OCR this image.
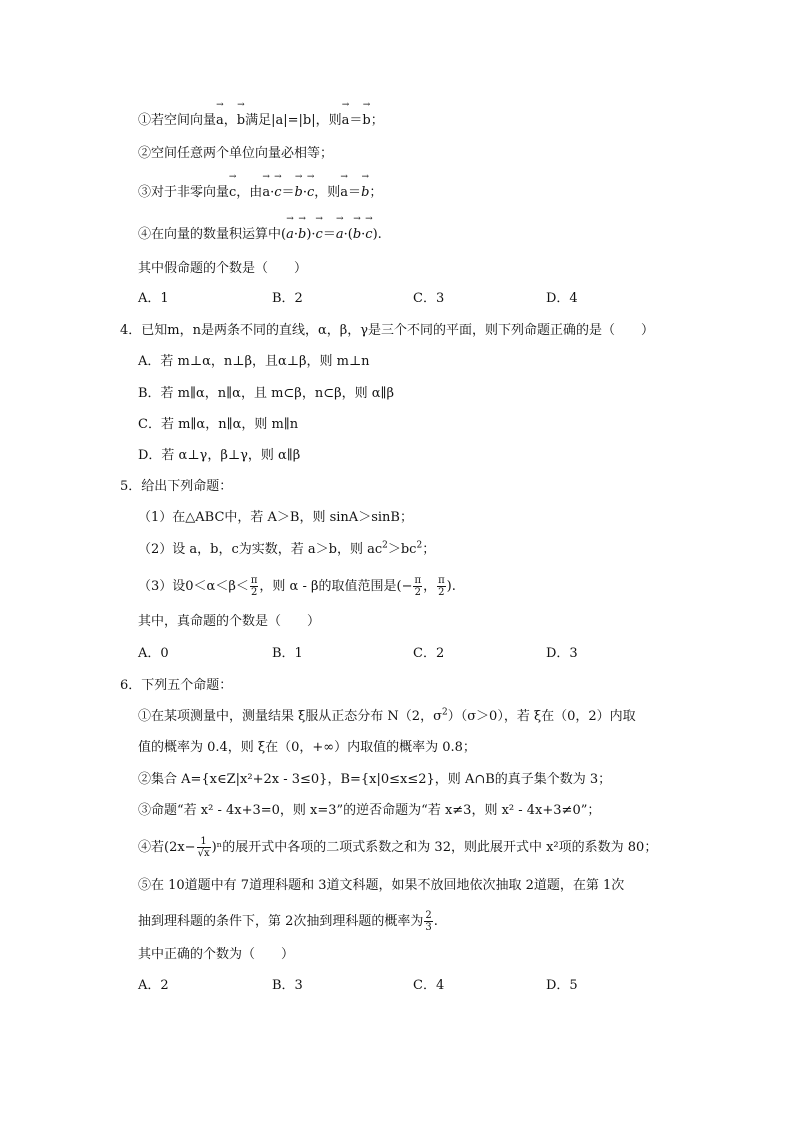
①若空间向量→ a，→ b满足|a|=|b|，则→ a＝→ b；
②空间任意两个单位向量必相等；
③对于非零向量→ c，由→ a·→ c＝→ b·→ c，则→ a＝→ b；
④在向量的数量积运算中(→ a·→ b)·→ c＝→ a·(→ b·→ c).
其中假命题的个数是（　　）
A．1	B．2	C．3	D．4
4．已知m，n是两条不同的直线，α，β，γ是三个不同的平面，则下列命题正确的是（　　）
A．若 m⊥α，n⊥β，且α⊥β，则 m⊥n
B．若 m∥α，n∥α，且 m⊂β，n⊂β，则 α∥β
C．若 m∥α，n∥α，则 m∥n
D．若 α⊥γ，β⊥γ，则 α∥β
5．给出下列命题：
（1）在△ABC中，若 A＞B，则 sinA＞sinB；
（2）设 a，b，c为实数，若 a＞b，则 $ac^2>bc^2$；
（3）设$0<\alpha<\beta< \frac{\pi}{2}$ ，则 α - β的取值范围是(− $\frac{\pi}{2}$ ， $\frac{\pi}{2}$ ).
其中，真命题的个数是（　　）
A．0	B．1	C．2	D．3
6．下列五个命题：
①在某项测量中，测量结果 ξ服从正态分布 N（2，$\sigma^2)(\sigma>0)$，若 ξ在（0，2）内取
值的概率为 0.4，则 ξ在（0，+∞）内取值的概率为 0.8；
②集合 A={x∈Z|x²+2x - 3≤0}，B={x|0≤x≤2}，则 A∩B的真子集个数为 3；
③命题“若 x² - 4x+3=0，则 x=3”的逆否命题为“若 x≠3，则 x² - 4x+3≠0”；
④若$(2x- \frac{1}{√x} )^n$的展开式中各项的二项式系数之和为 32，则此展开式中 x²项的系数为 80；
⑤在 10道题中有 7道理科题和 3道文科题，如果不放回地依次抽取 2道题，在第 1次
抽到理科题的条件下，第 2次抽到理科题的概率为 $\frac{2}{3}$ .
其中正确的个数为（　　）
A．2	B．3	C．4	D．5
